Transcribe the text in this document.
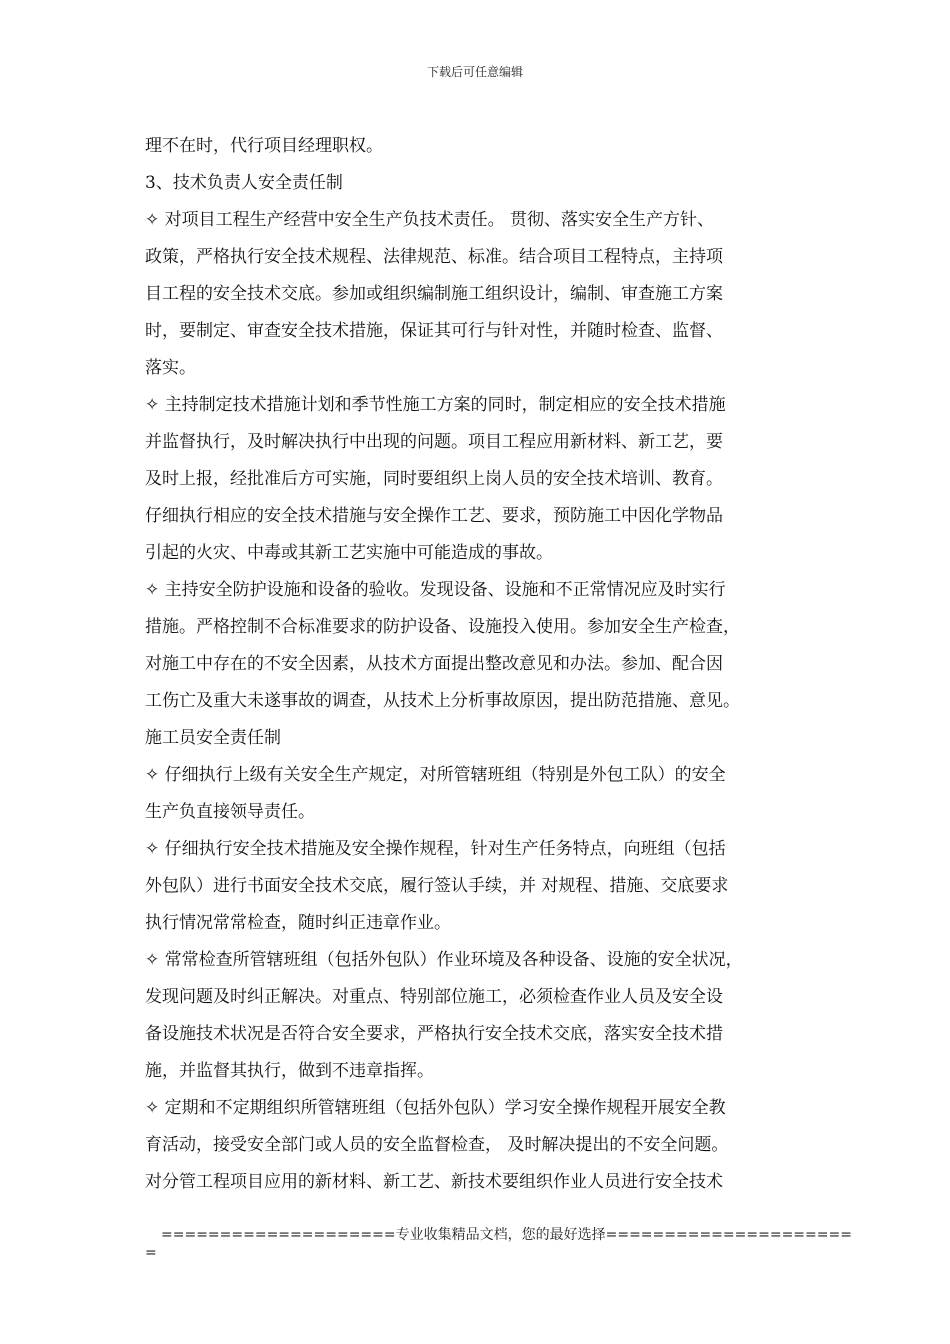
下载后可任意编辑
理不在时，代行项目经理职权。
3、技术负责人安全责任制
✧ 对项目工程生产经营中安全生产负技术责任。 贯彻、落实安全生产方针、
政策，严格执行安全技术规程、法律规范、标准。结合项目工程特点，主持项
目工程的安全技术交底。参加或组织编制施工组织设计，编制、审查施工方案
时，要制定、审查安全技术措施，保证其可行与针对性，并随时检查、监督、
落实。
✧ 主持制定技术措施计划和季节性施工方案的同时，制定相应的安全技术措施
并监督执行，及时解决执行中出现的问题。项目工程应用新材料、新工艺，要
及时上报，经批准后方可实施，同时要组织上岗人员的安全技术培训、教育。
仔细执行相应的安全技术措施与安全操作工艺、要求，预防施工中因化学物品
引起的火灾、中毒或其新工艺实施中可能造成的事故。
✧ 主持安全防护设施和设备的验收。发现设备、设施和不正常情况应及时实行
措施。严格控制不合标准要求的防护设备、设施投入使用。参加安全生产检查，
对施工中存在的不安全因素，从技术方面提出整改意见和办法。参加、配合因
工伤亡及重大未遂事故的调查，从技术上分析事故原因，提出防范措施、意见。
施工员安全责任制
✧ 仔细执行上级有关安全生产规定，对所管辖班组（特别是外包工队）的安全
生产负直接领导责任。
✧ 仔细执行安全技术措施及安全操作规程，针对生产任务特点，向班组（包括
外包队）进行书面安全技术交底，履行签认手续，并 对规程、措施、交底要求
执行情况常常检查，随时纠正违章作业。
✧ 常常检查所管辖班组（包括外包队）作业环境及各种设备、设施的安全状况，
发现问题及时纠正解决。对重点、特别部位施工，必须检查作业人员及安全设
备设施技术状况是否符合安全要求，严格执行安全技术交底，落实安全技术措
施，并监督其执行，做到不违章指挥。
✧ 定期和不定期组织所管辖班组（包括外包队）学习安全操作规程开展安全教
育活动，接受安全部门或人员的安全监督检查， 及时解决提出的不安全问题。
对分管工程项目应用的新材料、新工艺、新技术要组织作业人员进行安全技术
====================专业收集精品文档，您的最好选择=====================
=
